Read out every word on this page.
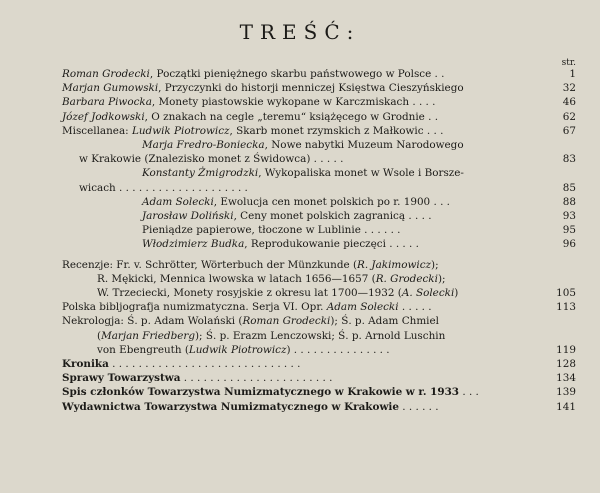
TREŚĆ:
str.
Roman Grodecki, Początki pieniężnego skarbu państwowego w Polsce . .	1
Marjan Gumowski, Przyczynki do historji menniczej Księstwa Cieszyńskiego	32
Barbara Piwocka, Monety piastowskie wykopane w Karczmiskach . . . .	46
Józef Jodkowski, O znakach na cegle „teremu“ książęcego w Grodnie . .	62
Miscellanea: Ludwik Piotrowicz, Skarb monet rzymskich z Małkowic . . .	67
Marja Fredro-Boniecka, Nowe nabytki Muzeum Narodowego
w Krakowie (Znalezisko monet z Świdowca) . . . . .	83
Konstanty Żmigrodzki, Wykopaliska monet w Wsole i Borsze-
wicach . . . . . . . . . . . . . . . . . . . .	85
Adam Solecki, Ewolucja cen monet polskich po r. 1900 . . .	88
Jarosław Doliński, Ceny monet polskich zagranicą . . . .	93
Pieniądze papierowe, tłoczone w Lublinie . . . . . .	95
Włodzimierz Budka, Reprodukowanie pieczęci . . . . .	96
Recenzje: Fr. v. Schrötter, Wörterbuch der Münzkunde (R. Jakimowicz);
R. Mękicki, Mennica lwowska w latach 1656—1657 (R. Grodecki);
W. Trzeciecki, Monety rosyjskie z okresu lat 1700—1932 (A. Solecki)	105
Polska bibljografja numizmatyczna. Serja VI. Opr. Adam Solecki . . . . .	113
Nekrologja: Ś. p. Adam Wolański (Roman Grodecki); Ś. p. Adam Chmiel
(Marjan Friedberg); Ś. p. Erazm Lenczowski; Ś. p. Arnold Luschin
von Ebengreuth (Ludwik Piotrowicz) . . . . . . . . . . . . . . .	119
Kronika . . . . . . . . . . . . . . . . . . . . . . . . . . . . .	128
Sprawy Towarzystwa . . . . . . . . . . . . . . . . . . . . . . .	134
Spis członków Towarzystwa Numizmatycznego w Krakowie w r. 1933 . . .	139
Wydawnictwa Towarzystwa Numizmatycznego w Krakowie . . . . . .	141
